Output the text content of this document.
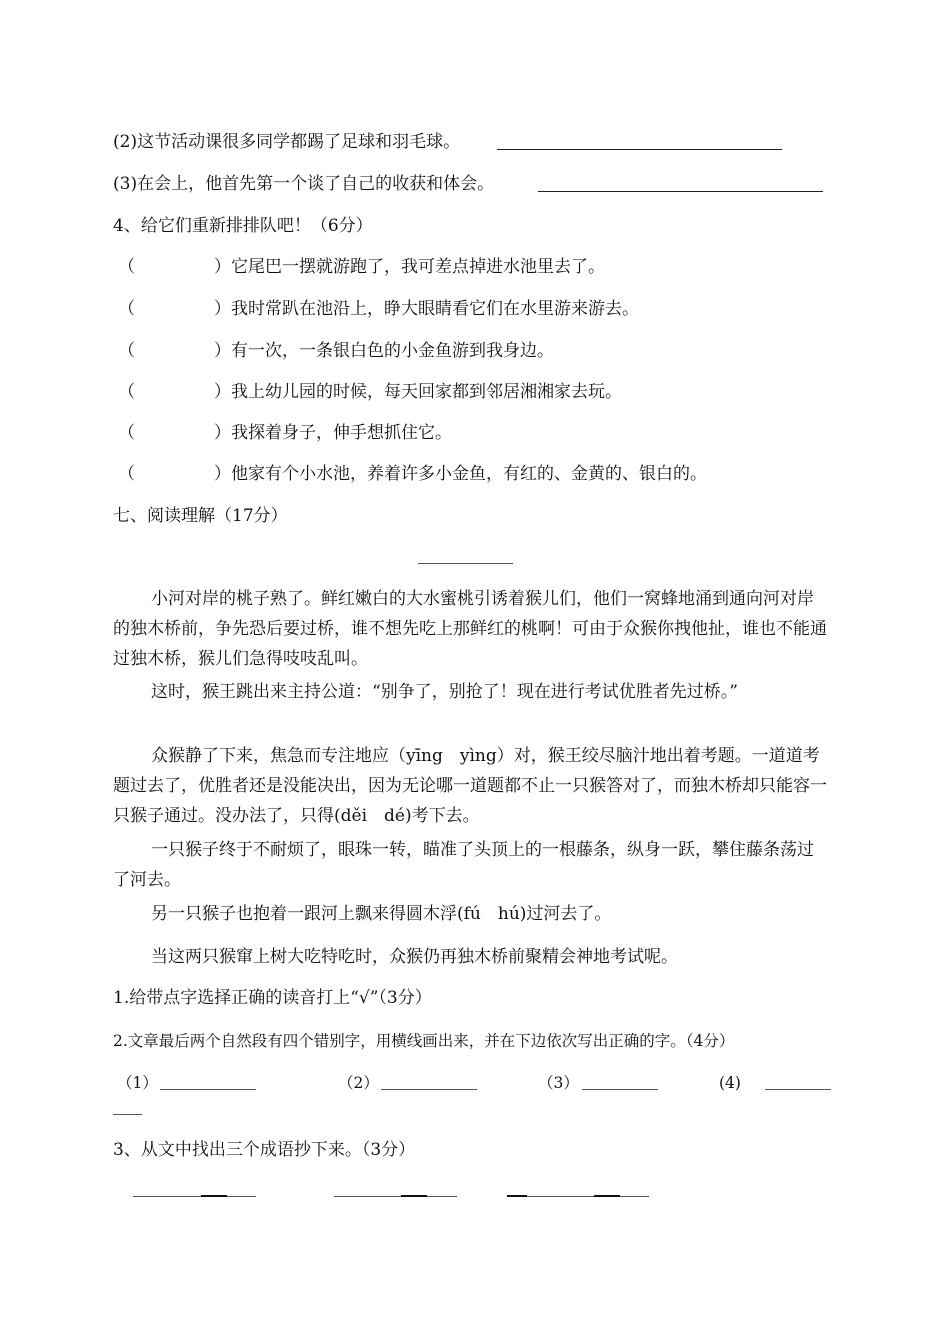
(2)这节活动课很多同学都踢了足球和羽毛球。
(3)在会上，他首先第一个谈了自己的收获和体会。
4、给它们重新排排队吧！（6分）
（	）它尾巴一摆就游跑了，我可差点掉进水池里去了。
（	）我时常趴在池沿上，睁大眼睛看它们在水里游来游去。
（	）有一次，一条银白色的小金鱼游到我身边。
（	）我上幼儿园的时候，每天回家都到邻居湘湘家去玩。
（	）我探着身子，伸手想抓住它。
（	）他家有个小水池，养着许多小金鱼，有红的、金黄的、银白的。
七、阅读理解（17分）
小河对岸的桃子熟了。鲜红嫩白的大水蜜桃引诱着猴儿们，他们一窝蜂地涌到通向河对岸的独木桥前，争先恐后要过桥，谁不想先吃上那鲜红的桃啊！可由于众猴你拽他扯，谁也不能通过独木桥，猴儿们急得吱吱乱叫。
这时，猴王跳出来主持公道：“别争了，别抢了！现在进行考试优胜者先过桥。”
众猴静了下来，焦急而专注地应（yīng　yìng）对，猴王绞尽脑汁地出着考题。一道道考题过去了，优胜者还是没能决出，因为无论哪一道题都不止一只猴答对了，而独木桥却只能容一只猴子通过。没办法了，只得(děi　dé)考下去。
一只猴子终于不耐烦了，眼珠一转，瞄准了头顶上的一根藤条，纵身一跃，攀住藤条荡过了河去。
另一只猴子也抱着一跟河上飘来得圆木浮(fú　hú)过河去了。
当这两只猴窜上树大吃特吃时，众猴仍再独木桥前聚精会神地考试呢。
1.给带点字选择正确的读音打上“√”（3分）
2.文章最后两个自然段有四个错别字，用横线画出来，并在下边依次写出正确的字。（4分）
（1）	（2）	（3）	(4)
3、从文中找出三个成语抄下来。（3分）
